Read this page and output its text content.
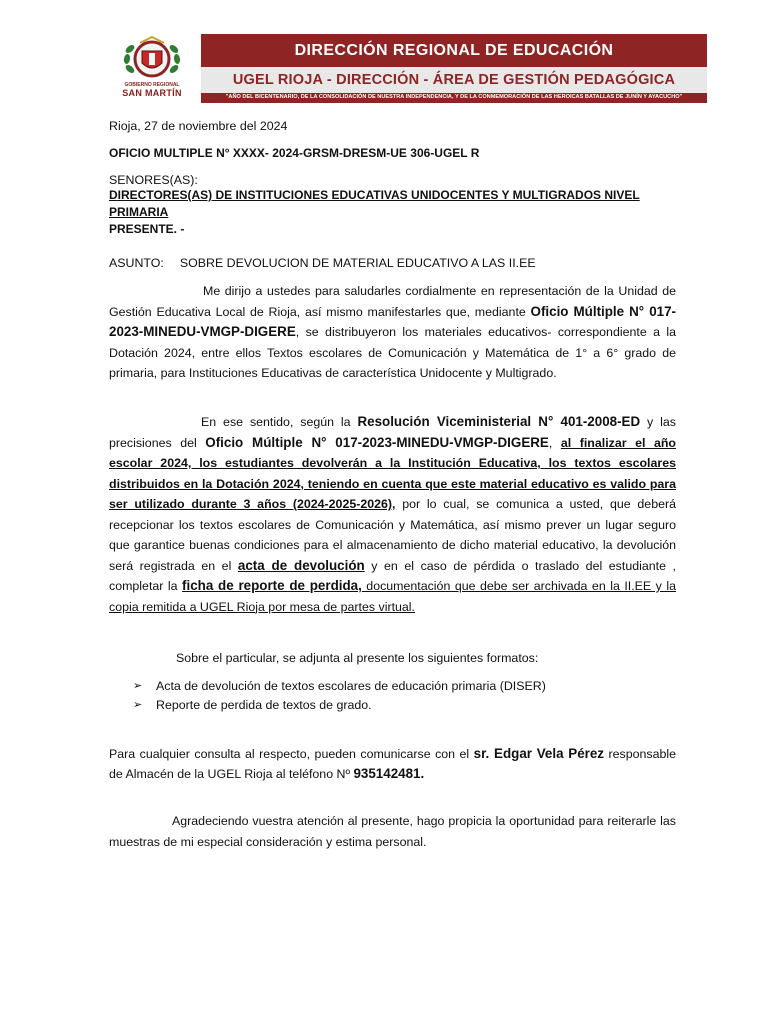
GOBIERNO REGIONAL
SAN MARTÍN
DIRECCIÓN REGIONAL DE EDUCACIÓN
UGEL RIOJA - DIRECCIÓN - ÁREA DE GESTIÓN PEDAGÓGICA
"AÑO DEL BICENTENARIO, DE LA CONSOLIDACIÓN DE NUESTRA INDEPENDENCIA, Y DE LA CONMEMORACIÓN DE LAS HEROICAS BATALLAS DE JUNÍN Y AYACUCHO"

Rioja, 27 de noviembre del 2024

OFICIO MULTIPLE N° XXXX- 2024-GRSM-DRESM-UE 306-UGEL R

SENORES(AS):

DIRECTORES(AS) DE INSTITUCIONES EDUCATIVAS UNIDOCENTES Y MULTIGRADOS NIVEL PRIMARIA

PRESENTE. -

ASUNTO: SOBRE DEVOLUCION DE MATERIAL EDUCATIVO A LAS II.EE

Me dirijo a ustedes para saludarles cordialmente en representación de la Unidad de Gestión Educativa Local de Rioja, así mismo manifestarles que, mediante Oficio Múltiple N° 017-2023-MINEDU-VMGP-DIGERE, se distribuyeron los materiales educativos- correspondiente a la Dotación 2024, entre ellos Textos escolares de Comunicación y Matemática de 1° a 6° grado de primaria, para Instituciones Educativas de característica Unidocente y Multigrado.

En ese sentido, según la Resolución Viceministerial N° 401-2008-ED y las precisiones del Oficio Múltiple N° 017-2023-MINEDU-VMGP-DIGERE, al finalizar el año escolar 2024, los estudiantes devolverán a la Institución Educativa, los textos escolares distribuidos en la Dotación 2024, teniendo en cuenta que este material educativo es valido para ser utilizado durante 3 años (2024-2025-2026), por lo cual, se comunica a usted, que deberá recepcionar los textos escolares de Comunicación y Matemática, así mismo prever un lugar seguro que garantice buenas condiciones para el almacenamiento de dicho material educativo, la devolución será registrada en el acta de devolución y en el caso de pérdida o traslado del estudiante , completar la ficha de reporte de perdida, documentación que debe ser archivada en la II.EE y la copia remitida a UGEL Rioja por mesa de partes virtual.

Sobre el particular, se adjunta al presente los siguientes formatos:

➢ Acta de devolución de textos escolares de educación primaria (DISER)
➢ Reporte de perdida de textos de grado.

Para cualquier consulta al respecto, pueden comunicarse con el sr. Edgar Vela Pérez responsable de Almacén de la UGEL Rioja al teléfono Nº 935142481.

Agradeciendo vuestra atención al presente, hago propicia la oportunidad para reiterarle las muestras de mi especial consideración y estima personal.
